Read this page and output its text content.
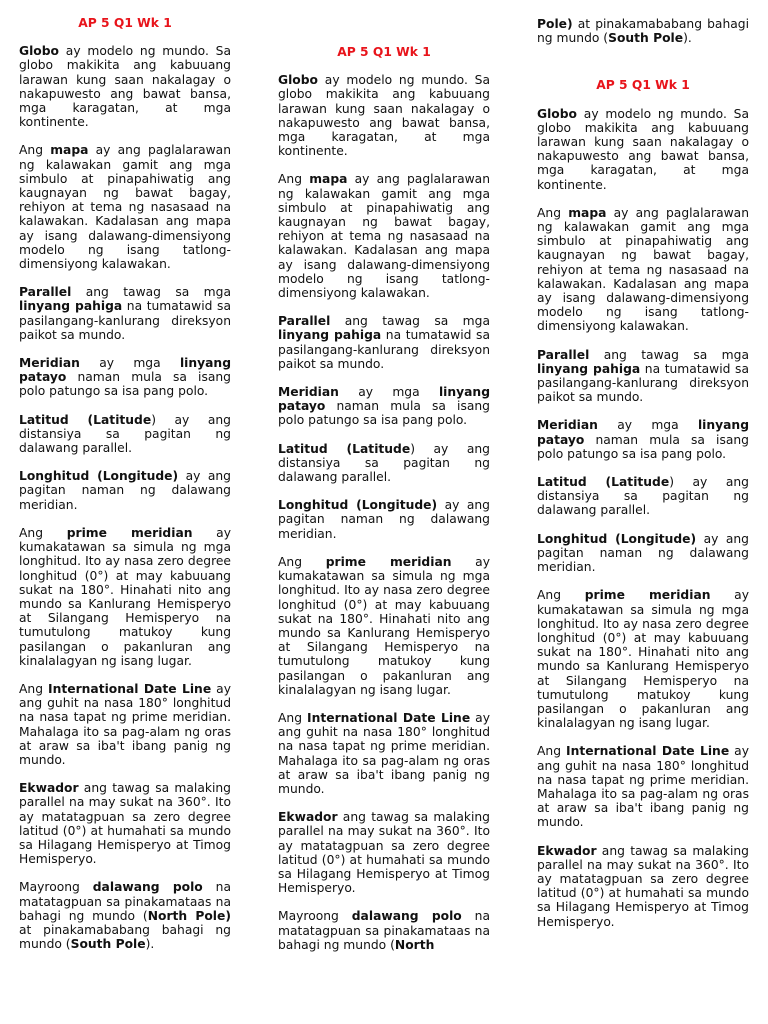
AP 5 Q1 Wk 1
Globo ay modelo ng mundo. Sa globo makikita ang kabuuang larawan kung saan nakalagay o nakapuwesto ang bawat bansa, mga karagatan, at mga kontinente.
Ang mapa ay ang paglalarawan ng kalawakan gamit ang mga simbulo at pinapahiwatig ang kaugnayan ng bawat bagay, rehiyon at tema ng nasasaad na kalawakan. Kadalasan ang mapa ay isang dalawang-dimensiyong modelo ng isang tatlong-dimensiyong kalawakan.
Parallel ang tawag sa mga linyang pahiga na tumatawid sa pasilangang-kanlurang direksyon paikot sa mundo.
Meridian ay mga linyang patayo naman mula sa isang polo patungo sa isa pang polo.
Latitud (Latitude) ay ang distansiya sa pagitan ng dalawang parallel.
Longhitud (Longitude) ay ang pagitan naman ng dalawang meridian.
Ang prime meridian ay kumakatawan sa simula ng mga longhitud. Ito ay nasa zero degree longhitud (0°) at may kabuuang sukat na 180°. Hinahati nito ang mundo sa Kanlurang Hemisperyo at Silangang Hemisperyo na tumutulong matukoy kung pasilangan o pakanluran ang kinalalagyan ng isang lugar.
Ang International Date Line ay ang guhit na nasa 180° longhitud na nasa tapat ng prime meridian. Mahalaga ito sa pag-alam ng oras at araw sa iba't ibang panig ng mundo.
Ekwador ang tawag sa malaking parallel na may sukat na 360°. Ito ay matatagpuan sa zero degree latitud (0°) at humahati sa mundo sa Hilagang Hemisperyo at Timog Hemisperyo.
Mayroong dalawang polo na matatagpuan sa pinakamataas na bahagi ng mundo (North Pole) at pinakamababang bahagi ng mundo (South Pole).
AP 5 Q1 Wk 1
Globo ay modelo ng mundo. Sa globo makikita ang kabuuang larawan kung saan nakalagay o nakapuwesto ang bawat bansa, mga karagatan, at mga kontinente.
Ang mapa ay ang paglalarawan ng kalawakan gamit ang mga simbulo at pinapahiwatig ang kaugnayan ng bawat bagay, rehiyon at tema ng nasasaad na kalawakan. Kadalasan ang mapa ay isang dalawang-dimensiyong modelo ng isang tatlong-dimensiyong kalawakan.
Parallel ang tawag sa mga linyang pahiga na tumatawid sa pasilangang-kanlurang direksyon paikot sa mundo.
Meridian ay mga linyang patayo naman mula sa isang polo patungo sa isa pang polo.
Latitud (Latitude) ay ang distansiya sa pagitan ng dalawang parallel.
Longhitud (Longitude) ay ang pagitan naman ng dalawang meridian.
Ang prime meridian ay kumakatawan sa simula ng mga longhitud. Ito ay nasa zero degree longhitud (0°) at may kabuuang sukat na 180°. Hinahati nito ang mundo sa Kanlurang Hemisperyo at Silangang Hemisperyo na tumutulong matukoy kung pasilangan o pakanluran ang kinalalagyan ng isang lugar.
Ang International Date Line ay ang guhit na nasa 180° longhitud na nasa tapat ng prime meridian. Mahalaga ito sa pag-alam ng oras at araw sa iba't ibang panig ng mundo.
Ekwador ang tawag sa malaking parallel na may sukat na 360°. Ito ay matatagpuan sa zero degree latitud (0°) at humahati sa mundo sa Hilagang Hemisperyo at Timog Hemisperyo.
Mayroong dalawang polo na matatagpuan sa pinakamataas na bahagi ng mundo (North
Pole) at pinakamababang bahagi ng mundo (South Pole).
AP 5 Q1 Wk 1
Globo ay modelo ng mundo. Sa globo makikita ang kabuuang larawan kung saan nakalagay o nakapuwesto ang bawat bansa, mga karagatan, at mga kontinente.
Ang mapa ay ang paglalarawan ng kalawakan gamit ang mga simbulo at pinapahiwatig ang kaugnayan ng bawat bagay, rehiyon at tema ng nasasaad na kalawakan. Kadalasan ang mapa ay isang dalawang-dimensiyong modelo ng isang tatlong-dimensiyong kalawakan.
Parallel ang tawag sa mga linyang pahiga na tumatawid sa pasilangang-kanlurang direksyon paikot sa mundo.
Meridian ay mga linyang patayo naman mula sa isang polo patungo sa isa pang polo.
Latitud (Latitude) ay ang distansiya sa pagitan ng dalawang parallel.
Longhitud (Longitude) ay ang pagitan naman ng dalawang meridian.
Ang prime meridian ay kumakatawan sa simula ng mga longhitud. Ito ay nasa zero degree longhitud (0°) at may kabuuang sukat na 180°. Hinahati nito ang mundo sa Kanlurang Hemisperyo at Silangang Hemisperyo na tumutulong matukoy kung pasilangan o pakanluran ang kinalalagyan ng isang lugar.
Ang International Date Line ay ang guhit na nasa 180° longhitud na nasa tapat ng prime meridian. Mahalaga ito sa pag-alam ng oras at araw sa iba't ibang panig ng mundo.
Ekwador ang tawag sa malaking parallel na may sukat na 360°. Ito ay matatagpuan sa zero degree latitud (0°) at humahati sa mundo sa Hilagang Hemisperyo at Timog Hemisperyo.
